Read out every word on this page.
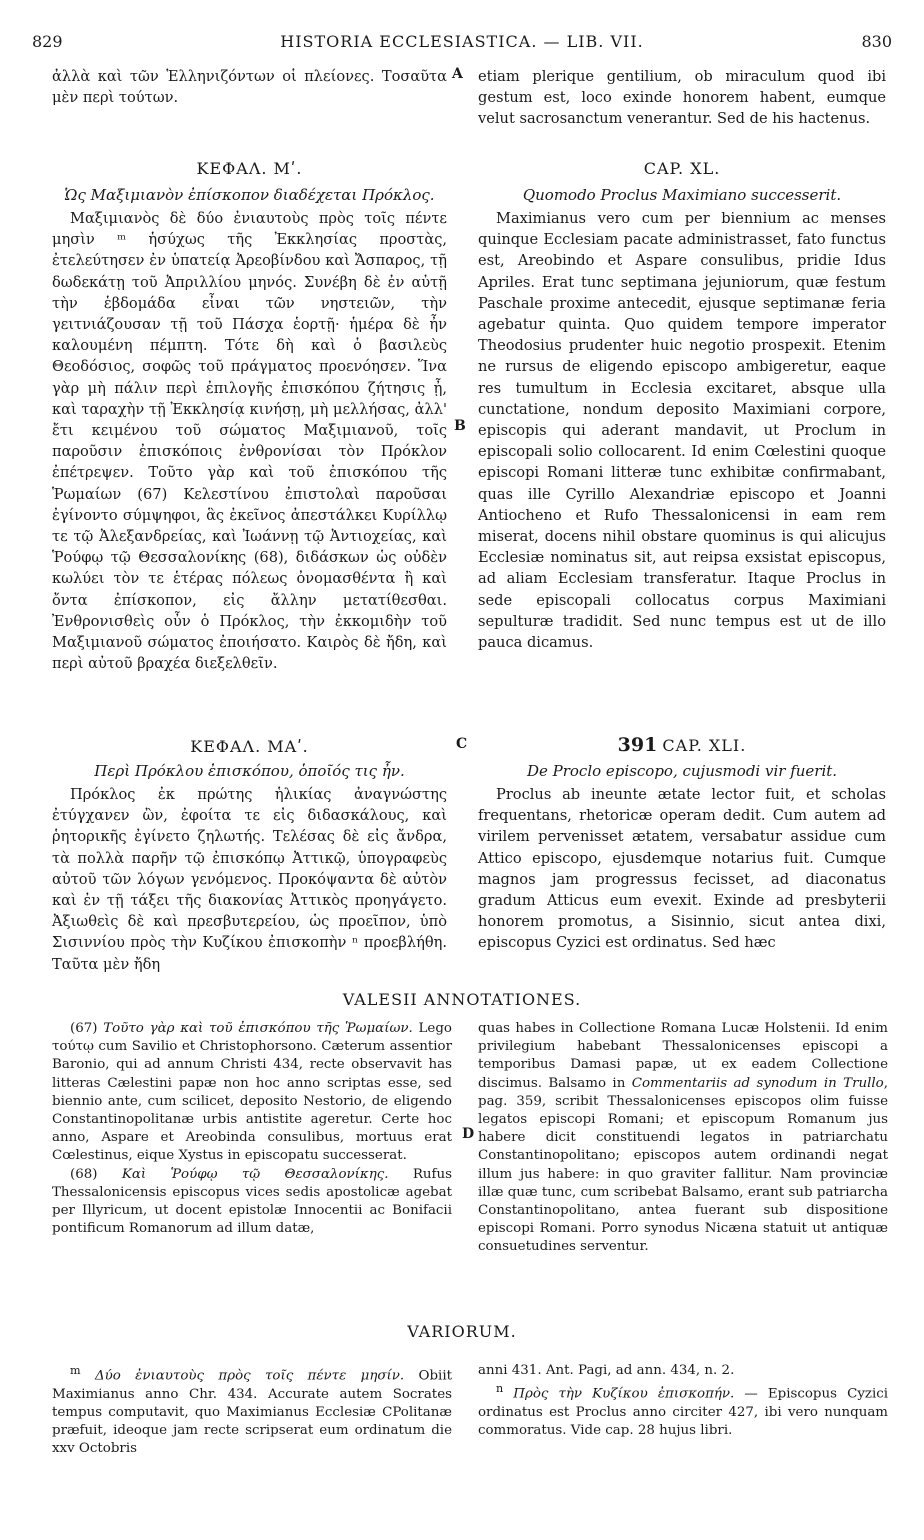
829	HISTORIA ECCLESIASTICA. — LIB. VII.	830
ἀλλὰ καὶ τῶν Ἑλληνιζόντων οἱ πλείονες. Τοσαῦτα μὲν περὶ τούτων.
ΚΕΦΑΛ. Μʹ.
Ὡς Μαξιμιανὸν ἐπίσκοπον διαδέχεται Πρόκλος.
Μαξιμιανὸς δὲ δύο ἐνιαυτοὺς πρὸς τοῖς πέντε μησὶν ᵐ ἡσύχως τῆς Ἐκκλησίας προστὰς, ἐτελεύτησεν ἐν ὑπατείᾳ Ἀρεοβίνδου καὶ Ἄσπαρος, τῇ δωδεκάτῃ τοῦ Ἀπριλλίου μηνός. Συνέβη δὲ ἐν αὐτῇ τὴν ἑβδομάδα εἶναι τῶν νηστειῶν, τὴν γειτνιάζουσαν τῇ τοῦ Πάσχα ἑορτῇ· ἡμέρα δὲ ἦν καλουμένη πέμπτη. Τότε δὴ καὶ ὁ βασιλεὺς Θεοδόσιος, σοφῶς τοῦ πράγματος προενόησεν. Ἵνα γὰρ μὴ πάλιν περὶ ἐπιλογῆς ἐπισκόπου ζήτησις ᾖ, καὶ ταραχὴν τῇ Ἐκκλησίᾳ κινήσῃ, μὴ μελλήσας, ἀλλ' ἔτι κειμένου τοῦ σώματος Μαξιμιανοῦ, τοῖς παροῦσιν ἐπισκόποις ἐνθρονίσαι τὸν Πρόκλον ἐπέτρεψεν. Τοῦτο γὰρ καὶ τοῦ ἐπισκόπου τῆς Ῥωμαίων (67) Κελεστίνου ἐπιστολαὶ παροῦσαι ἐγίνοντο σύμψηφοι, ἃς ἐκεῖνος ἀπεστάλκει Κυρίλλῳ τε τῷ Ἀλεξανδρείας, καὶ Ἰωάννῃ τῷ Ἀντιοχείας, καὶ Ῥούφῳ τῷ Θεσσαλονίκης (68), διδάσκων ὡς οὐδὲν κωλύει τὸν τε ἑτέρας πόλεως ὀνομασθέντα ἢ καὶ ὄντα ἐπίσκοπον, εἰς ἄλλην μετατίθεσθαι. Ἐνθρονισθεὶς οὖν ὁ Πρόκλος, τὴν ἐκκομιδὴν τοῦ Μαξιμιανοῦ σώματος ἐποιήσατο. Καιρὸς δὲ ἤδη, καὶ περὶ αὐτοῦ βραχέα διεξελθεῖν.
ΚΕΦΑΛ. ΜΑʹ.
Περὶ Πρόκλου ἐπισκόπου, ὁποῖός τις ἦν.
Πρόκλος ἐκ πρώτης ἡλικίας ἀναγνώστης ἐτύγχανεν ὢν, ἐφοίτα τε εἰς διδασκάλους, καὶ ῥητορικῆς ἐγίνετο ζηλωτής. Τελέσας δὲ εἰς ἄνδρα, τὰ πολλὰ παρῆν τῷ ἐπισκόπῳ Ἀττικῷ, ὑπογραφεὺς αὐτοῦ τῶν λόγων γενόμενος. Προκόψαντα δὲ αὐτὸν καὶ ἐν τῇ τάξει τῆς διακονίας Ἀττικὸς προηγάγετο. Ἀξιωθεὶς δὲ καὶ πρεσβυτερείου, ὡς προεῖπον, ὑπὸ Σισιννίου πρὸς τὴν Κυζίκου ἐπισκοπὴν ⁿ προεβλήθη. Ταῦτα μὲν ἤδη
A
B
C
D
etiam plerique gentilium, ob miraculum quod ibi gestum est, loco exinde honorem habent, eumque velut sacrosanctum venerantur. Sed de his hactenus.
CAP. XL.
Quomodo Proclus Maximiano successerit.
Maximianus vero cum per biennium ac menses quinque Ecclesiam pacate administrasset, fato functus est, Areobindo et Aspare consulibus, pridie Idus Apriles. Erat tunc septimana jejuniorum, quæ festum Paschale proxime antecedit, ejusque septimanæ feria agebatur quinta. Quo quidem tempore imperator Theodosius prudenter huic negotio prospexit. Etenim ne rursus de eligendo episcopo ambigeretur, eaque res tumultum in Ecclesia excitaret, absque ulla cunctatione, nondum deposito Maximiani corpore, episcopis qui aderant mandavit, ut Proclum in episcopali solio collocarent. Id enim Cœlestini quoque episcopi Romani litteræ tunc exhibitæ confirmabant, quas ille Cyrillo Alexandriæ episcopo et Joanni Antiocheno et Rufo Thessalonicensi in eam rem miserat, docens nihil obstare quominus is qui alicujus Ecclesiæ nominatus sit, aut reipsa exsistat episcopus, ad aliam Ecclesiam transferatur. Itaque Proclus in sede episcopali collocatus corpus Maximiani sepulturæ tradidit. Sed nunc tempus est ut de illo pauca dicamus.
391 CAP. XLI.
De Proclo episcopo, cujusmodi vir fuerit.
Proclus ab ineunte ætate lector fuit, et scholas frequentans, rhetoricæ operam dedit. Cum autem ad virilem pervenisset ætatem, versabatur assidue cum Attico episcopo, ejusdemque notarius fuit. Cumque magnos jam progressus fecisset, ad diaconatus gradum Atticus eum evexit. Exinde ad presbyterii honorem promotus, a Sisinnio, sicut antea dixi, episcopus Cyzici est ordinatus. Sed hæc
VALESII ANNOTATIONES.

(67) Τοῦτο γὰρ καὶ τοῦ ἐπισκόπου τῆς Ῥωμαίων. Lego τούτῳ cum Savilio et Christophorsono. Cæterum assentior Baronio, qui ad annum Christi 434, recte observavit has litteras Cælestini papæ non hoc anno scriptas esse, sed biennio ante, cum scilicet, deposito Nestorio, de eligendo Constantinopolitanæ urbis antistite ageretur. Certe hoc anno, Aspare et Areobinda consulibus, mortuus erat Cœlestinus, eique Xystus in episcopatu successerat.

(68) Καὶ Ῥούφῳ τῷ Θεσσαλονίκης. Rufus Thessalonicensis episcopus vices sedis apostolicæ agebat per Illyricum, ut docent epistolæ Innocentii ac Bonifacii pontificum Romanorum ad illum datæ,

quas habes in Collectione Romana Lucæ Holstenii. Id enim privilegium habebant Thessalonicenses episcopi a temporibus Damasi papæ, ut ex eadem Collectione discimus. Balsamo in Commentariis ad synodum in Trullo, pag. 359, scribit Thessalonicenses episcopos olim fuisse legatos episcopi Romani; et episcopum Romanum jus habere dicit constituendi legatos in patriarchatu Constantinopolitano; episcopos autem ordinandi negat illum jus habere: in quo graviter fallitur. Nam provinciæ illæ quæ tunc, cum scribebat Balsamo, erant sub patriarcha Constantinopolitano, antea fuerant sub dispositione episcopi Romani. Porro synodus Nicæna statuit ut antiquæ consuetudines serventur.
VARIORUM.

$^m$ Δύο ἐνιαυτοὺς πρὸς τοῖς πέντε μησίν. Obiit Maximianus anno Chr. 434. Accurate autem Socrates tempus computavit, quo Maximianus Ecclesiæ CPolitanæ præfuit, ideoque jam recte scripserat eum ordinatum die xxv Octobris

anni 431. Ant. Pagi, ad ann. 434, n. 2.

$^n$ Πρὸς τὴν Κυζίκου ἐπισκοπήν. — Episcopus Cyzici ordinatus est Proclus anno circiter 427, ibi vero nunquam commoratus. Vide cap. 28 hujus libri.
